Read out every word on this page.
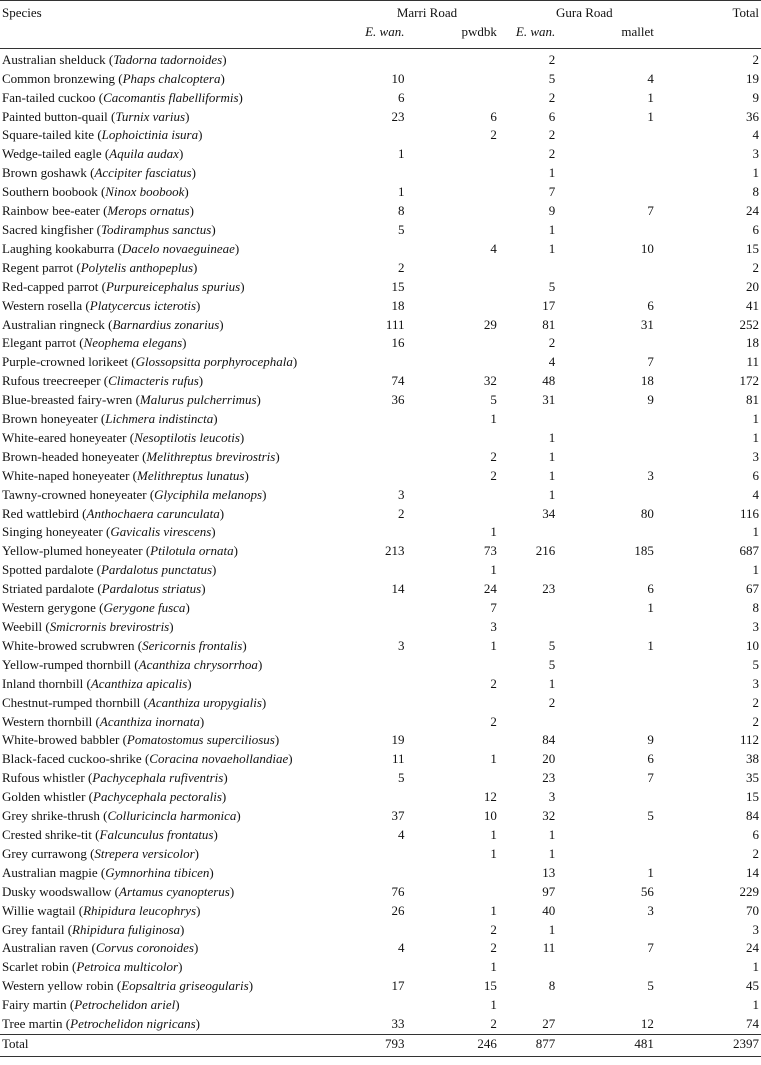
Species	Marri Road		Gura Road		Total
	E. wan.	pwdbk	E. wan.	mallet	
Australian shelduck (Tadorna tadornoides)			2		2
Common bronzewing (Phaps chalcoptera)	10		5	4	19
Fan-tailed cuckoo (Cacomantis flabelliformis)	6		2	1	9
Painted button-quail (Turnix varius)	23	6	6	1	36
Square-tailed kite (Lophoictinia isura)		2	2		4
Wedge-tailed eagle (Aquila audax)	1		2		3
Brown goshawk (Accipiter fasciatus)			1		1
Southern boobook (Ninox boobook)	1		7		8
Rainbow bee-eater (Merops ornatus)	8		9	7	24
Sacred kingfisher (Todiramphus sanctus)	5		1		6
Laughing kookaburra (Dacelo novaeguineae)		4	1	10	15
Regent parrot (Polytelis anthopeplus)	2				2
Red-capped parrot (Purpureicephalus spurius)	15		5		20
Western rosella (Platycercus icterotis)	18		17	6	41
Australian ringneck (Barnardius zonarius)	111	29	81	31	252
Elegant parrot (Neophema elegans)	16		2		18
Purple-crowned lorikeet (Glossopsitta porphyrocephala)			4	7	11
Rufous treecreeper (Climacteris rufus)	74	32	48	18	172
Blue-breasted fairy-wren (Malurus pulcherrimus)	36	5	31	9	81
Brown honeyeater (Lichmera indistincta)		1			1
White-eared honeyeater (Nesoptilotis leucotis)			1		1
Brown-headed honeyeater (Melithreptus brevirostris)		2	1		3
White-naped honeyeater (Melithreptus lunatus)		2	1	3	6
Tawny-crowned honeyeater (Glyciphila melanops)	3		1		4
Red wattlebird (Anthochaera carunculata)	2		34	80	116
Singing honeyeater (Gavicalis virescens)		1			1
Yellow-plumed honeyeater (Ptilotula ornata)	213	73	216	185	687
Spotted pardalote (Pardalotus punctatus)		1			1
Striated pardalote (Pardalotus striatus)	14	24	23	6	67
Western gerygone (Gerygone fusca)		7		1	8
Weebill (Smicrornis brevirostris)		3			3
White-browed scrubwren (Sericornis frontalis)	3	1	5	1	10
Yellow-rumped thornbill (Acanthiza chrysorrhoa)			5		5
Inland thornbill (Acanthiza apicalis)		2	1		3
Chestnut-rumped thornbill (Acanthiza uropygialis)			2		2
Western thornbill (Acanthiza inornata)		2			2
White-browed babbler (Pomatostomus superciliosus)	19		84	9	112
Black-faced cuckoo-shrike (Coracina novaehollandiae)	11	1	20	6	38
Rufous whistler (Pachycephala rufiventris)	5		23	7	35
Golden whistler (Pachycephala pectoralis)		12	3		15
Grey shrike-thrush (Colluricincla harmonica)	37	10	32	5	84
Crested shrike-tit (Falcunculus frontatus)	4	1	1		6
Grey currawong (Strepera versicolor)		1	1		2
Australian magpie (Gymnorhina tibicen)			13	1	14
Dusky woodswallow (Artamus cyanopterus)	76		97	56	229
Willie wagtail (Rhipidura leucophrys)	26	1	40	3	70
Grey fantail (Rhipidura fuliginosa)		2	1		3
Australian raven (Corvus coronoides)	4	2	11	7	24
Scarlet robin (Petroica multicolor)		1			1
Western yellow robin (Eopsaltria griseogularis)	17	15	8	5	45
Fairy martin (Petrochelidon ariel)		1			1
Tree martin (Petrochelidon nigricans)	33	2	27	12	74
Total	793	246	877	481	2397
